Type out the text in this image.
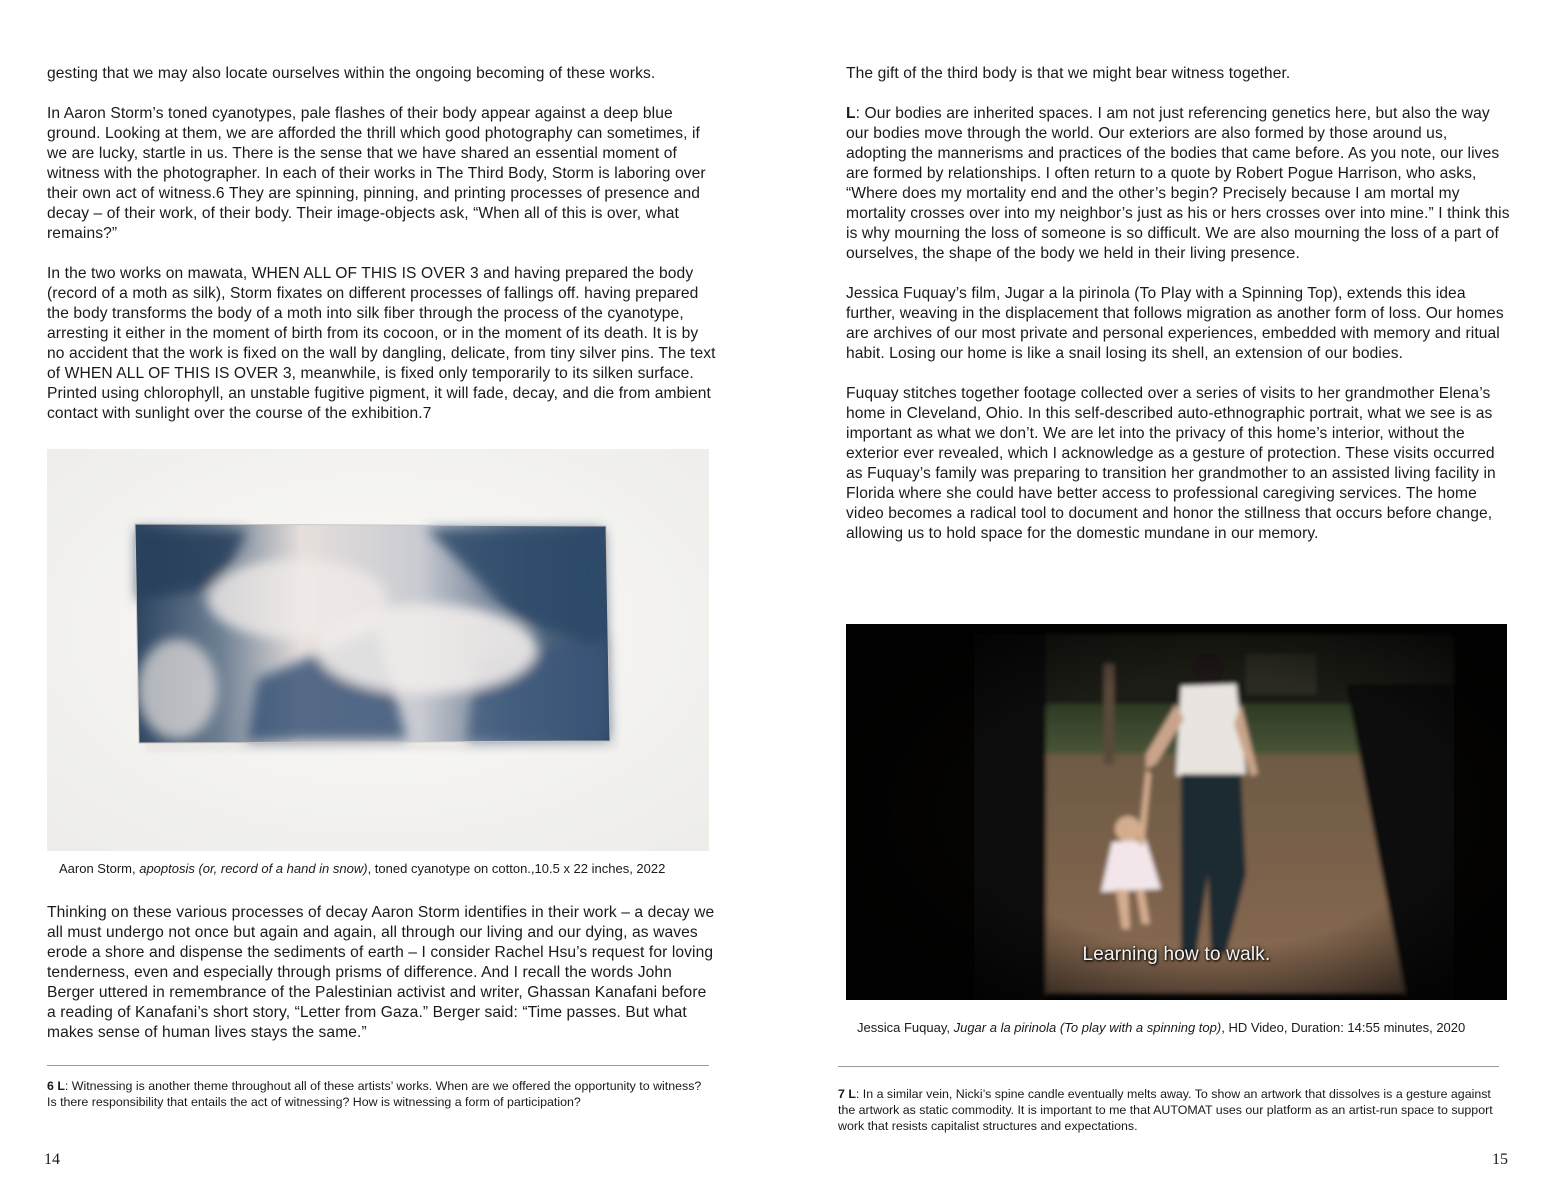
gesting that we may also locate ourselves within the ongoing becoming of these works.

In Aaron Storm’s toned cyanotypes, pale flashes of their body appear against a deep blue ground. Looking at them, we are afforded the thrill which good photography can sometimes, if we are lucky, startle in us. There is the sense that we have shared an essential moment of witness with the photographer. In each of their works in The Third Body, Storm is laboring over their own act of witness.6 They are spinning, pinning, and printing processes of presence and decay – of their work, of their body. Their image-objects ask, “When all of this is over, what remains?”

In the two works on mawata, WHEN ALL OF THIS IS OVER 3 and having prepared the body (record of a moth as silk), Storm fixates on different processes of fallings off. having prepared the body transforms the body of a moth into silk fiber through the process of the cyanotype, arresting it either in the moment of birth from its cocoon, or in the moment of its death. It is by no accident that the work is fixed on the wall by dangling, delicate, from tiny silver pins. The text of WHEN ALL OF THIS IS OVER 3, meanwhile, is fixed only temporarily to its silken surface. Printed using chlorophyll, an unstable fugitive pigment, it will fade, decay, and die from ambient contact with sunlight over the course of the exhibition.7

Aaron Storm, apoptosis (or, record of a hand in snow), toned cyanotype on cotton.,10.5 x 22 inches, 2022

Thinking on these various processes of decay Aaron Storm identifies in their work – a decay we all must undergo not once but again and again, all through our living and our dying, as waves erode a shore and dispense the sediments of earth – I consider Rachel Hsu’s request for loving tenderness, even and especially through prisms of difference. And I recall the words John Berger uttered in remembrance of the Palestinian activist and writer, Ghassan Kanafani before a reading of Kanafani’s short story, “Letter from Gaza.” Berger said: “Time passes. But what makes sense of human lives stays the same.”

6 L: Witnessing is another theme throughout all of these artists’ works. When are we offered the opportunity to witness? Is there responsibility that entails the act of witnessing? How is witnessing a form of participation?

14

The gift of the third body is that we might bear witness together.

L: Our bodies are inherited spaces. I am not just referencing genetics here, but also the way our bodies move through the world. Our exteriors are also formed by those around us, adopting the mannerisms and practices of the bodies that came before. As you note, our lives are formed by relationships. I often return to a quote by Robert Pogue Harrison, who asks, “Where does my mortality end and the other’s begin? Precisely because I am mortal my mortality crosses over into my neighbor’s just as his or hers crosses over into mine.” I think this is why mourning the loss of someone is so difficult. We are also mourning the loss of a part of ourselves, the shape of the body we held in their living presence.

Jessica Fuquay’s film, Jugar a la pirinola (To Play with a Spinning Top), extends this idea further, weaving in the displacement that follows migration as another form of loss. Our homes are archives of our most private and personal experiences, embedded with memory and ritual habit. Losing our home is like a snail losing its shell, an extension of our bodies.

Fuquay stitches together footage collected over a series of visits to her grandmother Elena’s home in Cleveland, Ohio. In this self-described auto-ethnographic portrait, what we see is as important as what we don’t. We are let into the privacy of this home’s interior, without the exterior ever revealed, which I acknowledge as a gesture of protection. These visits occurred as Fuquay’s family was preparing to transition her grandmother to an assisted living facility in Florida where she could have better access to professional caregiving services. The home video becomes a radical tool to document and honor the stillness that occurs before change, allowing us to hold space for the domestic mundane in our memory.

Learning how to walk.
Jessica Fuquay, Jugar a la pirinola (To play with a spinning top), HD Video, Duration: 14:55 minutes, 2020

7 L: In a similar vein, Nicki’s spine candle eventually melts away. To show an artwork that dissolves is a gesture against the artwork as static commodity. It is important to me that AUTOMAT uses our platform as an artist-run space to support work that resists capitalist structures and expectations.

15
